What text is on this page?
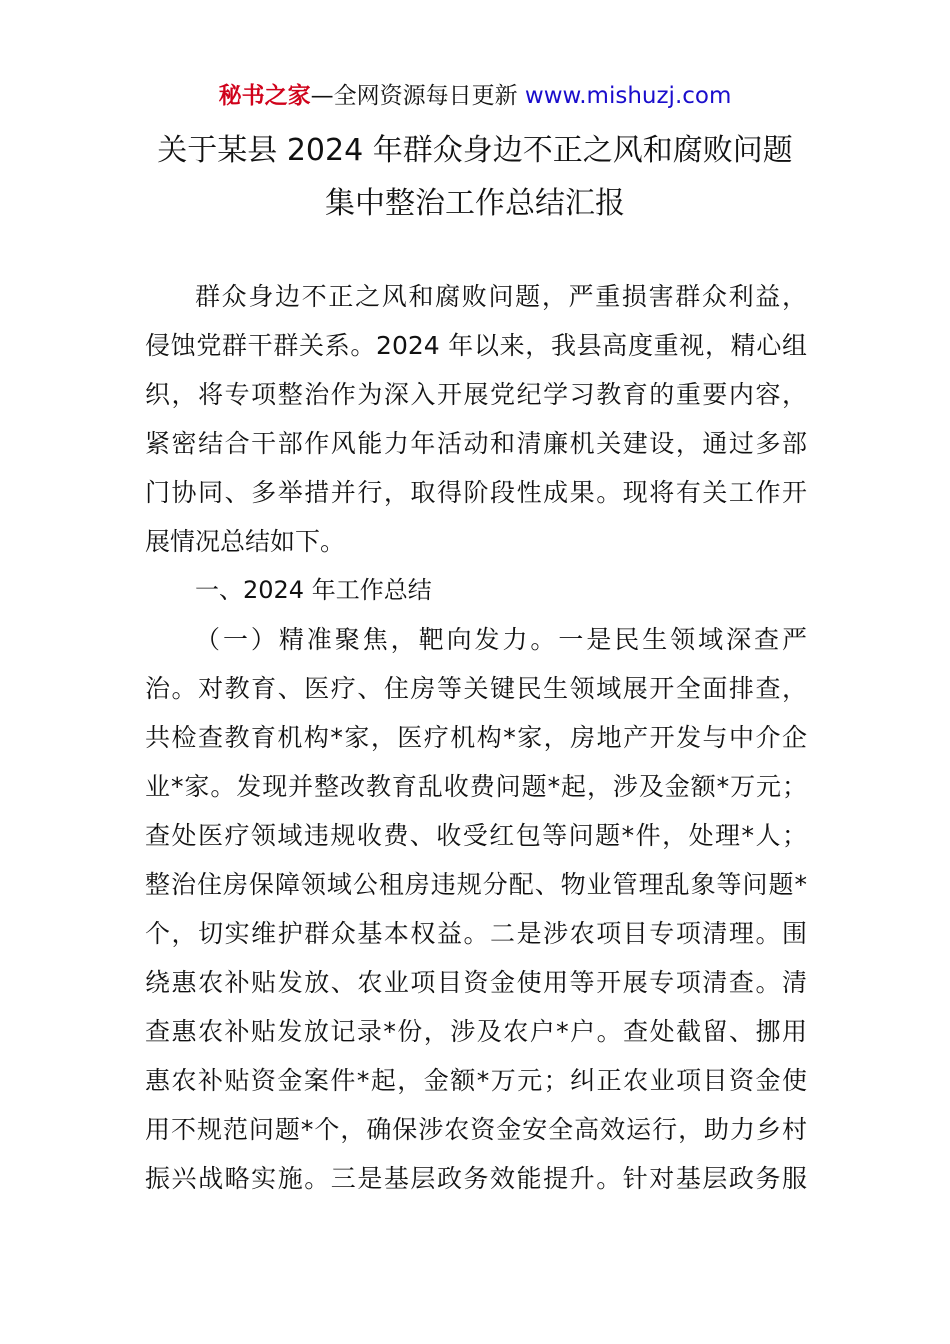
秘书之家—全网资源每日更新 www.mishuzj.com
关于某县 2024 年群众身边不正之风和腐败问题
集中整治工作总结汇报
群众身边不正之风和腐败问题，严重损害群众利益，
侵蚀党群干群关系。2024 年以来，我县高度重视，精心组
织，将专项整治作为深入开展党纪学习教育的重要内容，
紧密结合干部作风能力年活动和清廉机关建设，通过多部
门协同、多举措并行，取得阶段性成果。现将有关工作开
展情况总结如下。
一、2024 年工作总结
（一）精准聚焦，靶向发力。一是民生领域深查严
治。对教育、医疗、住房等关键民生领域展开全面排查，
共检查教育机构*家，医疗机构*家，房地产开发与中介企
业*家。发现并整改教育乱收费问题*起，涉及金额*万元；
查处医疗领域违规收费、收受红包等问题*件，处理*人；
整治住房保障领域公租房违规分配、物业管理乱象等问题*
个，切实维护群众基本权益。二是涉农项目专项清理。围
绕惠农补贴发放、农业项目资金使用等开展专项清查。清
查惠农补贴发放记录*份，涉及农户*户。查处截留、挪用
惠农补贴资金案件*起，金额*万元；纠正农业项目资金使
用不规范问题*个，确保涉农资金安全高效运行，助力乡村
振兴战略实施。三是基层政务效能提升。针对基层政务服
